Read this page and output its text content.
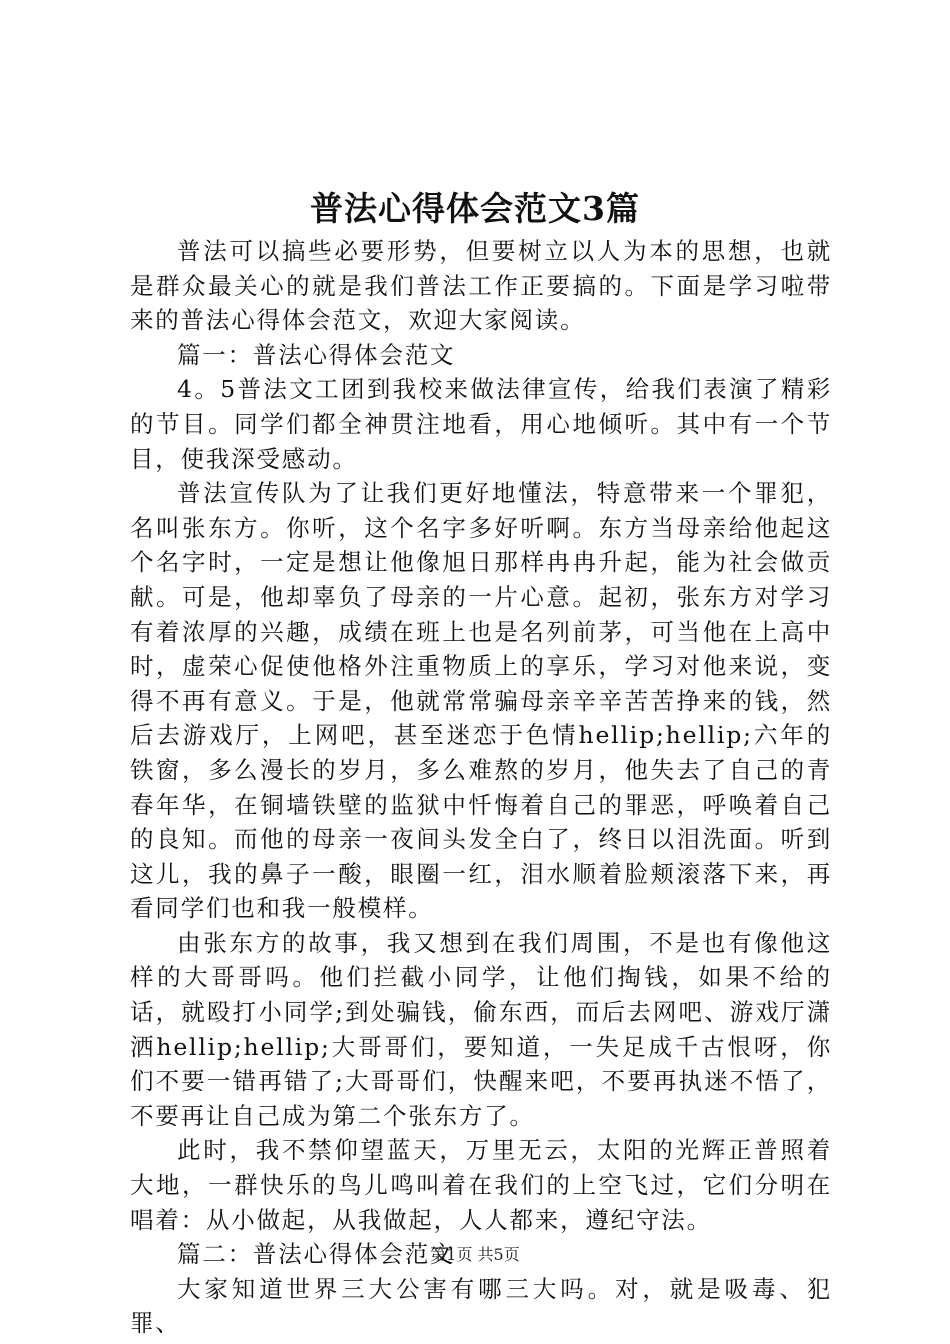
普法心得体会范文3篇

普法可以搞些必要形势，但要树立以人为本的思想，也就是群众最关心的就是我们普法工作正要搞的。下面是学习啦带来的普法心得体会范文，欢迎大家阅读。

篇一：普法心得体会范文

4。5普法文工团到我校来做法律宣传，给我们表演了精彩的节目。同学们都全神贯注地看，用心地倾听。其中有一个节目，使我深受感动。

普法宣传队为了让我们更好地懂法，特意带来一个罪犯，名叫张东方。你听，这个名字多好听啊。东方当母亲给他起这个名字时，一定是想让他像旭日那样冉冉升起，能为社会做贡献。可是，他却辜负了母亲的一片心意。起初，张东方对学习有着浓厚的兴趣，成绩在班上也是名列前茅，可当他在上高中时，虚荣心促使他格外注重物质上的享乐，学习对他来说，变得不再有意义。于是，他就常常骗母亲辛辛苦苦挣来的钱，然后去游戏厅，上网吧，甚至迷恋于色情hellip;hellip;六年的铁窗，多么漫长的岁月，多么难熬的岁月，他失去了自己的青春年华，在铜墙铁壁的监狱中忏悔着自己的罪恶，呼唤着自己的良知。而他的母亲一夜间头发全白了，终日以泪洗面。听到这儿，我的鼻子一酸，眼圈一红，泪水顺着脸颊滚落下来，再看同学们也和我一般模样。

由张东方的故事，我又想到在我们周围，不是也有像他这样的大哥哥吗。他们拦截小同学，让他们掏钱，如果不给的话，就殴打小同学;到处骗钱，偷东西，而后去网吧、游戏厅潇洒hellip;hellip;大哥哥们，要知道，一失足成千古恨呀，你们不要一错再错了;大哥哥们，快醒来吧，不要再执迷不悟了，不要再让自己成为第二个张东方了。

此时，我不禁仰望蓝天，万里无云，太阳的光辉正普照着大地，一群快乐的鸟儿鸣叫着在我们的上空飞过，它们分明在唱着：从小做起，从我做起，人人都来，遵纪守法。

篇二：普法心得体会范文

大家知道世界三大公害有哪三大吗。对，就是吸毒、犯罪、

第1页 共5页
